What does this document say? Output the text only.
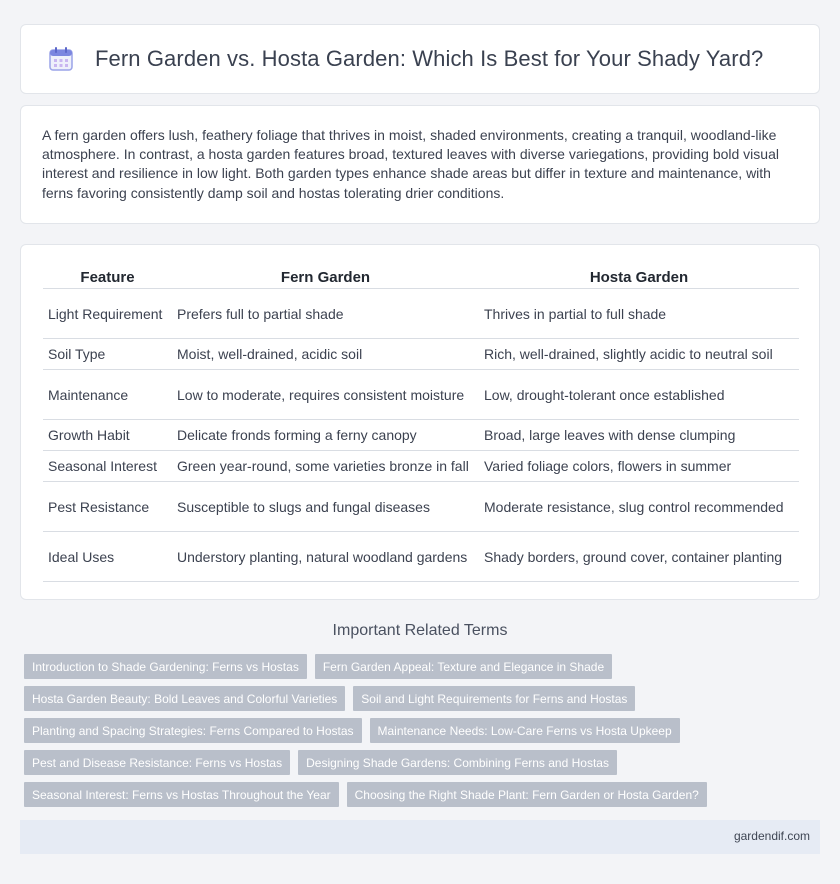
Fern Garden vs. Hosta Garden: Which Is Best for Your Shady Yard?

A fern garden offers lush, feathery foliage that thrives in moist, shaded environments, creating a tranquil, woodland-like atmosphere. In contrast, a hosta garden features broad, textured leaves with diverse variegations, providing bold visual interest and resilience in low light. Both garden types enhance shade areas but differ in texture and maintenance, with ferns favoring consistently damp soil and hostas tolerating drier conditions.

Feature	Fern Garden	Hosta Garden
Light Requirement	Prefers full to partial shade	Thrives in partial to full shade
Soil Type	Moist, well-drained, acidic soil	Rich, well-drained, slightly acidic to neutral soil
Maintenance	Low to moderate, requires consistent moisture	Low, drought-tolerant once established
Growth Habit	Delicate fronds forming a ferny canopy	Broad, large leaves with dense clumping
Seasonal Interest	Green year-round, some varieties bronze in fall	Varied foliage colors, flowers in summer
Pest Resistance	Susceptible to slugs and fungal diseases	Moderate resistance, slug control recommended
Ideal Uses	Understory planting, natural woodland gardens	Shady borders, ground cover, container planting
Important Related Terms
Introduction to Shade Gardening: Ferns vs Hostas	Fern Garden Appeal: Texture and Elegance in Shade
Hosta Garden Beauty: Bold Leaves and Colorful Varieties	Soil and Light Requirements for Ferns and Hostas
Planting and Spacing Strategies: Ferns Compared to Hostas	Maintenance Needs: Low-Care Ferns vs Hosta Upkeep
Pest and Disease Resistance: Ferns vs Hostas	Designing Shade Gardens: Combining Ferns and Hostas
Seasonal Interest: Ferns vs Hostas Throughout the Year	Choosing the Right Shade Plant: Fern Garden or Hosta Garden?
gardendif.com
